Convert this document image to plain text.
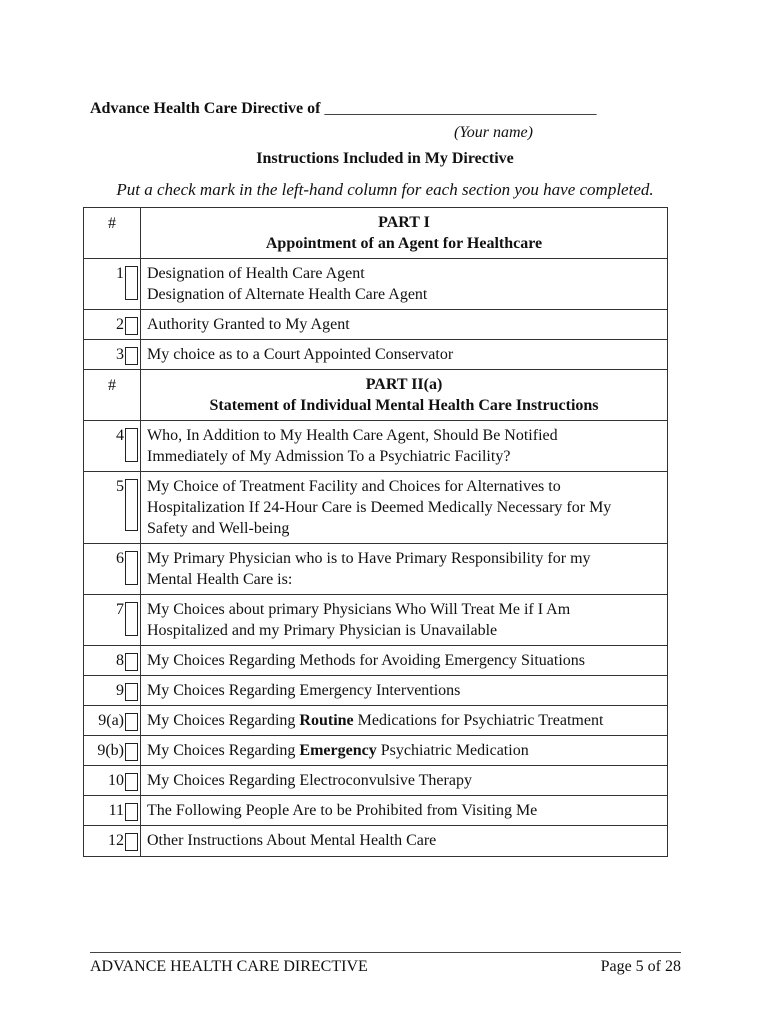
Advance Health Care Directive of __________________________________
(Your name)
Instructions Included in My Directive
Put a check mark in the left-hand column for each section you have completed.
#	PART I
Appointment of an Agent for Healthcare

1	Designation of Health Care Agent
Designation of Alternate Health Care Agent

2	Authority Granted to My Agent

3	My choice as to a Court Appointed Conservator
#	PART II(a)
Statement of Individual Mental Health Care Instructions

4	Who, In Addition to My Health Care Agent, Should Be Notified
Immediately of My Admission To a Psychiatric Facility?

5	My Choice of Treatment Facility and Choices for Alternatives to
Hospitalization If 24-Hour Care is Deemed Medically Necessary for My
Safety and Well-being

6	My Primary Physician who is to Have Primary Responsibility for my
Mental Health Care is:

7	My Choices about primary Physicians Who Will Treat Me if I Am
Hospitalized and my Primary Physician is Unavailable

8	My Choices Regarding Methods for Avoiding Emergency Situations

9	My Choices Regarding Emergency Interventions

9(a)	My Choices Regarding Routine Medications for Psychiatric Treatment

9(b)	My Choices Regarding Emergency Psychiatric Medication

10	My Choices Regarding Electroconvulsive Therapy

11	The Following People Are to be Prohibited from Visiting Me

12	Other Instructions About Mental Health Care
ADVANCE HEALTH CARE DIRECTIVE	Page 5 of 28
